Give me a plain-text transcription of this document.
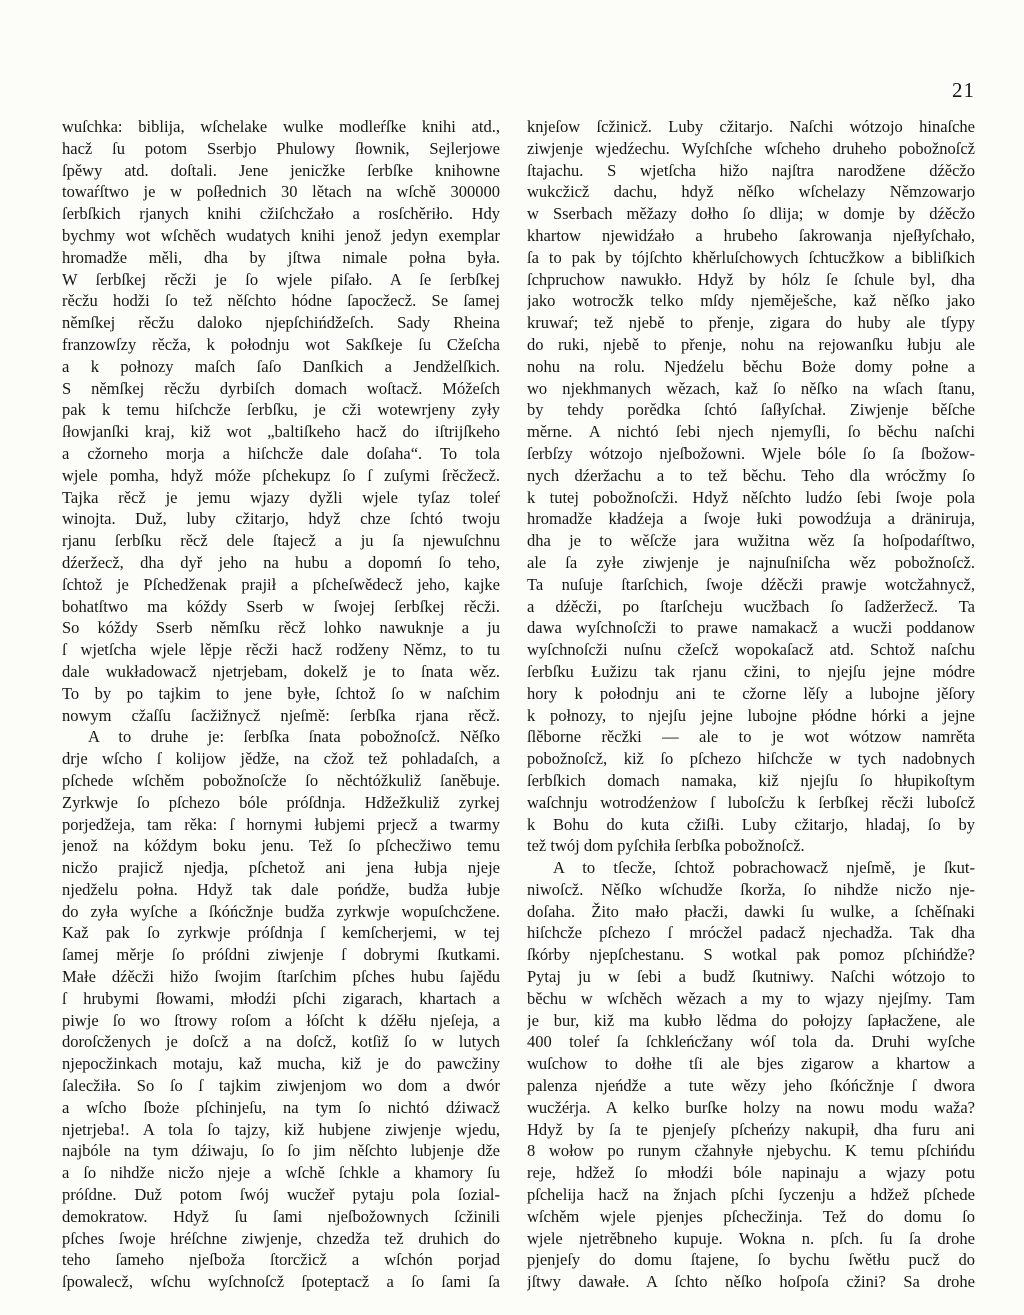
21
wuſchka: biblija, wſchelake wulke modleŕſke knihi atd.,
hacž ſu potom Sserbjo Phulowy ſłownik, Sejlerjowe
ſpěwy atd. doſtali. Jene jenicžke ſerbſke knihowne
towaŕſtwo je w poſłednich 30 lětach na wſchě 300000
ſerbſkich rjanych knihi cžiſchcžało a rosſchěriło. Hdy
bychmy wot wſchěch wudatych knihi jenož jedyn exemplar
hromadže měli, dha by jſtwa nimale połna była.
W ſerbſkej rěcži je ſo wjele piſało. A ſe ſerbſkej
rěcžu hodži ſo tež něſchto hódne ſapocžecž. Se ſamej
němſkej rěcžu daloko njepſchińdžeſch. Sady Rheina
franzowſzy rěcža, k połodnju wot Sakſkeje ſu Cžeſcha
a k połnozy maſch ſaſo Danſkich a Jendželſkich.
S němſkej rěcžu dyrbiſch domach woſtacž. Móžeſch
pak k temu hiſchcže ſerbſku, je cži wotewrjeny zyły
ſłowjanſki kraj, kiž wot „baltiſkeho hacž do iſtrijſkeho
a cžorneho morja a hiſchcže dale doſaha“. To tola
wjele pomha, hdyž móže pſchekupz ſo ſ zuſymi ſrěcžecž.
Tajka rěcž je jemu wjazy dyžli wjele tyſaz toleŕ
winojta. Duž, luby cžitarjo, hdyž chze ſchtó twoju
rjanu ſerbſku rěcž dele ſtajecž a ju ſa njewuſchnu
dźeržecž, dha dyř jeho na hubu a dopomń ſo teho,
ſchtož je Pſchedženak prajił a pſcheſwědecž jeho, kajke
bohatſtwo ma kóždy Sserb w ſwojej ſerbſkej rěcži.
So kóždy Sserb němſku rěcž lohko nawuknje a ju
ſ wjetſcha wjele lěpje rěcži hacž rodženy Němz, to tu
dale wukładowacž njetrjebam, dokelž je to ſnata wěz.
To by po tajkim to jene byłe, ſchtož ſo w naſchim
nowym cžaſſu ſacžižnycž njeſmě: ſerbſka rjana rěcž.
A to druhe je: ſerbſka ſnata pobožnoſcž. Něſko
drje wſcho ſ kolijow jědže, na cžož tež pohladaſch, a
pſchede wſchěm pobožnoſcže ſo něchtóžkuliž ſaněbuje.
Zyrkwje ſo pſchezo bóle próſdnja. Hdžežkuliž zyrkej
porjedžeja, tam rěka: ſ hornymi łubjemi prjecž a twarmy
jenož na kóždym boku jenu. Tež ſo pſchecžiwo temu
nicžo prajicž njedja, pſchetož ani jena łubja njeje
njedželu połna. Hdyž tak dale pońdže, budža łubje
do zyła wyſche a ſkóńcžnje budža zyrkwje wopuſchcžene.
Kaž pak ſo zyrkwje próſdnja ſ kemſcherjemi, w tej
ſamej měrje ſo próſdni ziwjenje ſ dobrymi ſkutkami.
Małe dźěcži hižo ſwojim ſtarſchim pſches hubu ſajědu
ſ hrubymi ſłowami, młodźi pſchi zigarach, khartach a
piwje ſo wo ſtrowy roſom a łóſcht k dźěłu njeſeja, a
doroſcženych je doſcž a na doſcž, kotſiž ſo w lutych
njepocžinkach motaju, kaž mucha, kiž je do pawcžiny
ſalecžiła. So ſo ſ tajkim ziwjenjom wo dom a dwór
a wſcho ſboże pſchinjeſu, na tym ſo nichtó dźiwacž
njetrjeba!. A tola ſo tajzy, kiž hubjene ziwjenje wjedu,
najbóle na tym dźiwaju, ſo ſo jim něſchto lubjenje dže
a ſo nihdže nicžo njeje a wſchě ſchkle a khamory ſu
próſdne. Duž potom ſwój wucžeř pytaju pola ſozial-
demokratow. Hdyž ſu ſami njeſbožownych ſcžinili
pſches ſwoje hréſchne ziwjenje, chzedža tež druhich do
teho ſameho njeſboža ſtorcžicž a wſchón porjad
ſpowalecž, wſchu wyſchnoſcž ſpoteptacž a ſo ſami ſa
knjeſow ſcžinicž. Luby cžitarjo. Naſchi wótzojo hinaſche
ziwjenje wjedźechu. Wyſchſche wſcheho druheho pobožnoſcž
ſtajachu. S wjetſcha hižo najſtra narodžene dźěcžo
wukcžicž dachu, hdyž něſko wſchelazy Němzowarjo
w Sserbach měžazy dołho ſo dlija; w domje by dźěcžo
khartow njewidźało a hrubeho ſakrowanja njeſłyſchało,
ſa to pak by tójſchto khěrluſchowych ſchtucžkow a bibliſkich
ſchpruchow nawukło. Hdyž by hólz ſe ſchule byl, dha
jako wotrocžk telko mſdy njeměješche, kaž něſko jako
kruwaŕ; tež njebě to přenje, zigara do huby ale tſypy
do ruki, njebě to přenje, nohu na rejowanſku łubju ale
nohu na rolu. Njedźelu běchu Boże domy połne a
wo njekhmanych wězach, kaž ſo něſko na wſach ſtanu,
by tehdy porědka ſchtó ſaſłyſchał. Ziwjenje běſche
měrne. A nichtó ſebi njech njemyſli, ſo běchu naſchi
ſerbſzy wótzojo njeſbožowni. Wjele bóle ſo ſa ſbožow-
nych dźeržachu a to tež běchu. Teho dla wrócžmy ſo
k tutej pobožnoſcži. Hdyž něſchto ludźo ſebi ſwoje pola
hromadže kładźeja a ſwoje łuki powodźuja a dräniruja,
dha je to wěſcže jara wužitna wěz ſa hoſpodaŕſtwo,
ale ſa zyłe ziwjenje je najnuſniſcha wěz pobožnoſcž.
Ta nuſuje ſtarſchich, ſwoje dźěcži prawje wotcžahnycž,
a dźěcži, po ſtarſcheju wucžbach ſo ſadžeržecž. Ta
dawa wyſchnoſcži to prawe namakacž a wucži poddanow
wyſchnoſcži nuſnu cžeſcž wopokaſacž atd. Schtož naſchu
ſerbſku Łužizu tak rjanu cžini, to njejſu jejne módre
hory k połodnju ani te cžorne lěſy a lubojne jěſory
k połnozy, to njejſu jejne lubojne płódne hórki a jejne
ſlěborne rěcžki — ale to je wot wótzow namrěta
pobožnoſcž, kiž ſo pſchezo hiſchcže w tych nadobnych
ſerbſkich domach namaka, kiž njejſu ſo hłupikoſtym
waſchnju wotrodźenżow ſ luboſcžu k ſerbſkej rěcži luboſcž
k Bohu do kuta cžiſłi. Luby cžitarjo, hladaj, ſo by
tež twój dom pyſchiła ſerbſka pobožnoſcž.
A to tſecže, ſchtož pobrachowacž njeſmě, je ſkut-
niwoſcž. Něſko wſchudže ſkorža, ſo nihdže nicžo nje-
doſaha. Žito mało płacži, dawki ſu wulke, a ſchěſnaki
hiſchcže pſchezo ſ mrócžel padacž njechadža. Tak dha
ſkórby njepſchestanu. S wotkal pak pomoz pſchińdže?
Pytaj ju w ſebi a budž ſkutniwy. Naſchi wótzojo to
běchu w wſchěch wězach a my to wjazy njejſmy. Tam
je bur, kiž ma kubło lědma do połojzy ſapłacžene, ale
400 toleŕ ſa ſchkleńcžany wóſ tola da. Druhi wyſche
wuſchow to dołhe tſi ale bjes zigarow a khartow a
palenza njeńdže a tute wězy jeho ſkóńcžnje ſ dwora
wucžérja. A kelko burſke holzy na nowu modu waža?
Hdyž by ſa te pjenjeſy pſcheńzy nakupił, dha furu ani
8 wołow po runym cžahnyłe njebychu. K temu pſchińdu
reje, hdžež ſo młodźi bóle napinaju a wjazy potu
pſchelija hacž na žnjach pſchi ſyczenju a hdžež pſchede
wſchěm wjele pjenjes pſchecžinja. Tež do domu ſo
wjele njetrěbneho kupuje. Wokna n. pſch. ſu ſa drohe
pjenjeſy do domu ſtajene, ſo bychu ſwětłu pucž do
jſtwy dawałe. A ſchto něſko hoſpoſa cžini? Sa drohe
